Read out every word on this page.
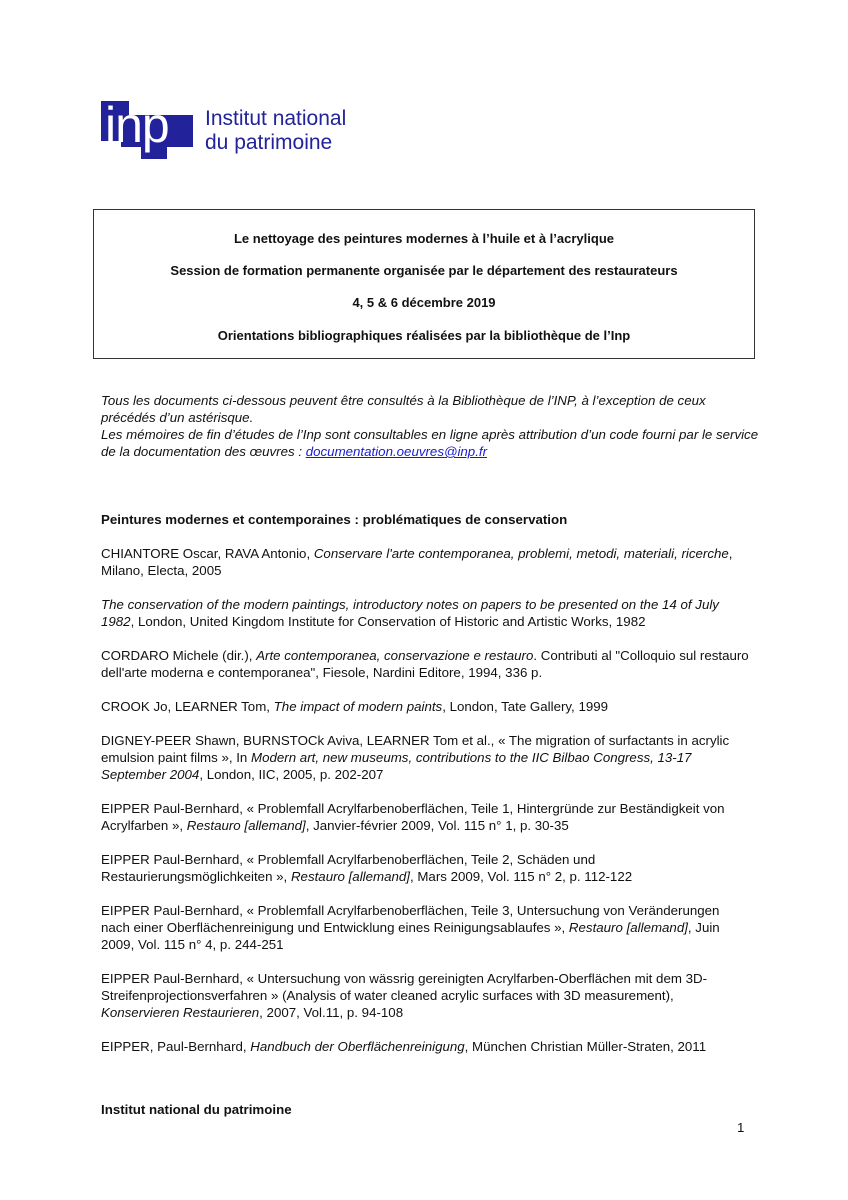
inp Institut national
du patrimoine

Le nettoyage des peintures modernes à l’huile et à l’acrylique

Session de formation permanente organisée par le département des restaurateurs

4, 5 & 6 décembre 2019

Orientations bibliographiques réalisées par la bibliothèque de l’Inp

Tous les documents ci-dessous peuvent être consultés à la Bibliothèque de l’INP, à l’exception de ceux précédés d’un astérisque.
Les mémoires de fin d’études de l’Inp sont consultables en ligne après attribution d’un code fourni par le service de la documentation des œuvres : documentation.oeuvres@inp.fr
Peintures modernes et contemporaines : problématiques de conservation

CHIANTORE Oscar, RAVA Antonio, Conservare l'arte contemporanea, problemi, metodi, materiali, ricerche, Milano, Electa, 2005

The conservation of the modern paintings, introductory notes on papers to be presented on the 14 of July 1982, London, United Kingdom Institute for Conservation of Historic and Artistic Works, 1982

CORDARO Michele (dir.), Arte contemporanea, conservazione e restauro. Contributi al "Colloquio sul restauro dell'arte moderna e contemporanea", Fiesole, Nardini Editore, 1994, 336 p.

CROOK Jo, LEARNER Tom, The impact of modern paints, London, Tate Gallery, 1999

DIGNEY-PEER Shawn, BURNSTOCk Aviva, LEARNER Tom et al., « The migration of surfactants in acrylic emulsion paint films », In Modern art, new museums, contributions to the IIC Bilbao Congress, 13-17 September 2004, London, IIC, 2005, p. 202-207

EIPPER Paul-Bernhard, « Problemfall Acrylfarbenoberflächen, Teile 1, Hintergründe zur Beständigkeit von Acrylfarben », Restauro [allemand], Janvier-février 2009, Vol. 115 n° 1, p. 30-35

EIPPER Paul-Bernhard, « Problemfall Acrylfarbenoberflächen, Teile 2, Schäden und Restaurierungsmöglichkeiten », Restauro [allemand], Mars 2009, Vol. 115 n° 2, p. 112-122

EIPPER Paul-Bernhard, « Problemfall Acrylfarbenoberflächen, Teile 3, Untersuchung von Veränderungen nach einer Oberflächenreinigung und Entwicklung eines Reinigungsablaufes », Restauro [allemand], Juin 2009, Vol. 115 n° 4, p. 244-251

EIPPER Paul-Bernhard, « Untersuchung von wässrig gereinigten Acrylfarben-Oberflächen mit dem 3D- Streifenprojectionsverfahren » (Analysis of water cleaned acrylic surfaces with 3D measurement), Konservieren Restaurieren, 2007, Vol.11, p. 94-108

EIPPER, Paul-Bernhard, Handbuch der Oberflächenreinigung, München Christian Müller-Straten, 2011

Institut national du patrimoine
1
